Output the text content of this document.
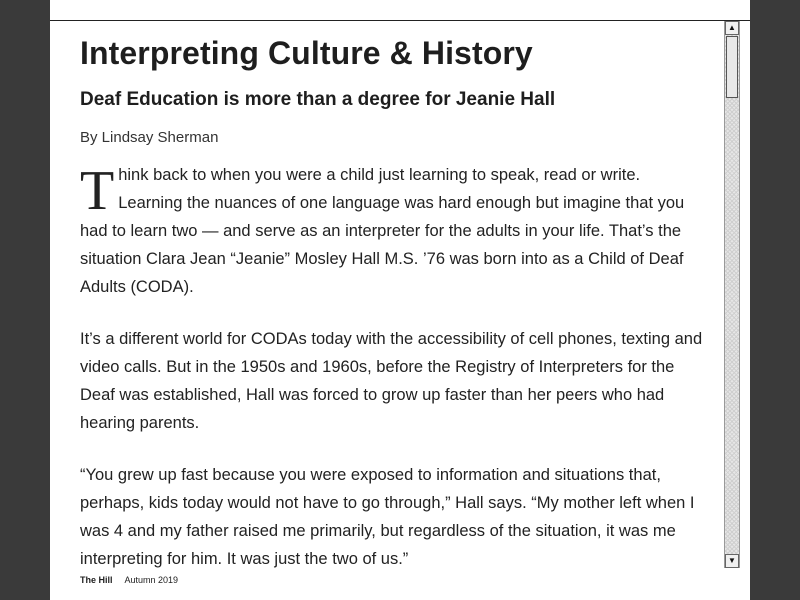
Interpreting Culture & History
Deaf Education is more than a degree for Jeanie Hall
By Lindsay Sherman

Think back to when you were a child just learning to speak, read or write. Learning the nuances of one language was hard enough but imagine that you had to learn two — and serve as an interpreter for the adults in your life. That’s the situation Clara Jean “Jeanie” Mosley Hall M.S. ’76 was born into as a Child of Deaf Adults (CODA).

It’s a different world for CODAs today with the accessibility of cell phones, texting and video calls. But in the 1950s and 1960s, before the Registry of Interpreters for the Deaf was established, Hall was forced to grow up faster than her peers who had hearing parents.

“You grew up fast because you were exposed to information and situations that, perhaps, kids today would not have to go through,” Hall says. “My mother left when I was 4 and my father raised me primarily, but regardless of the situation, it was me interpreting for him. It was just the two of us.”

▲
▼
The Hill Autumn 2019
